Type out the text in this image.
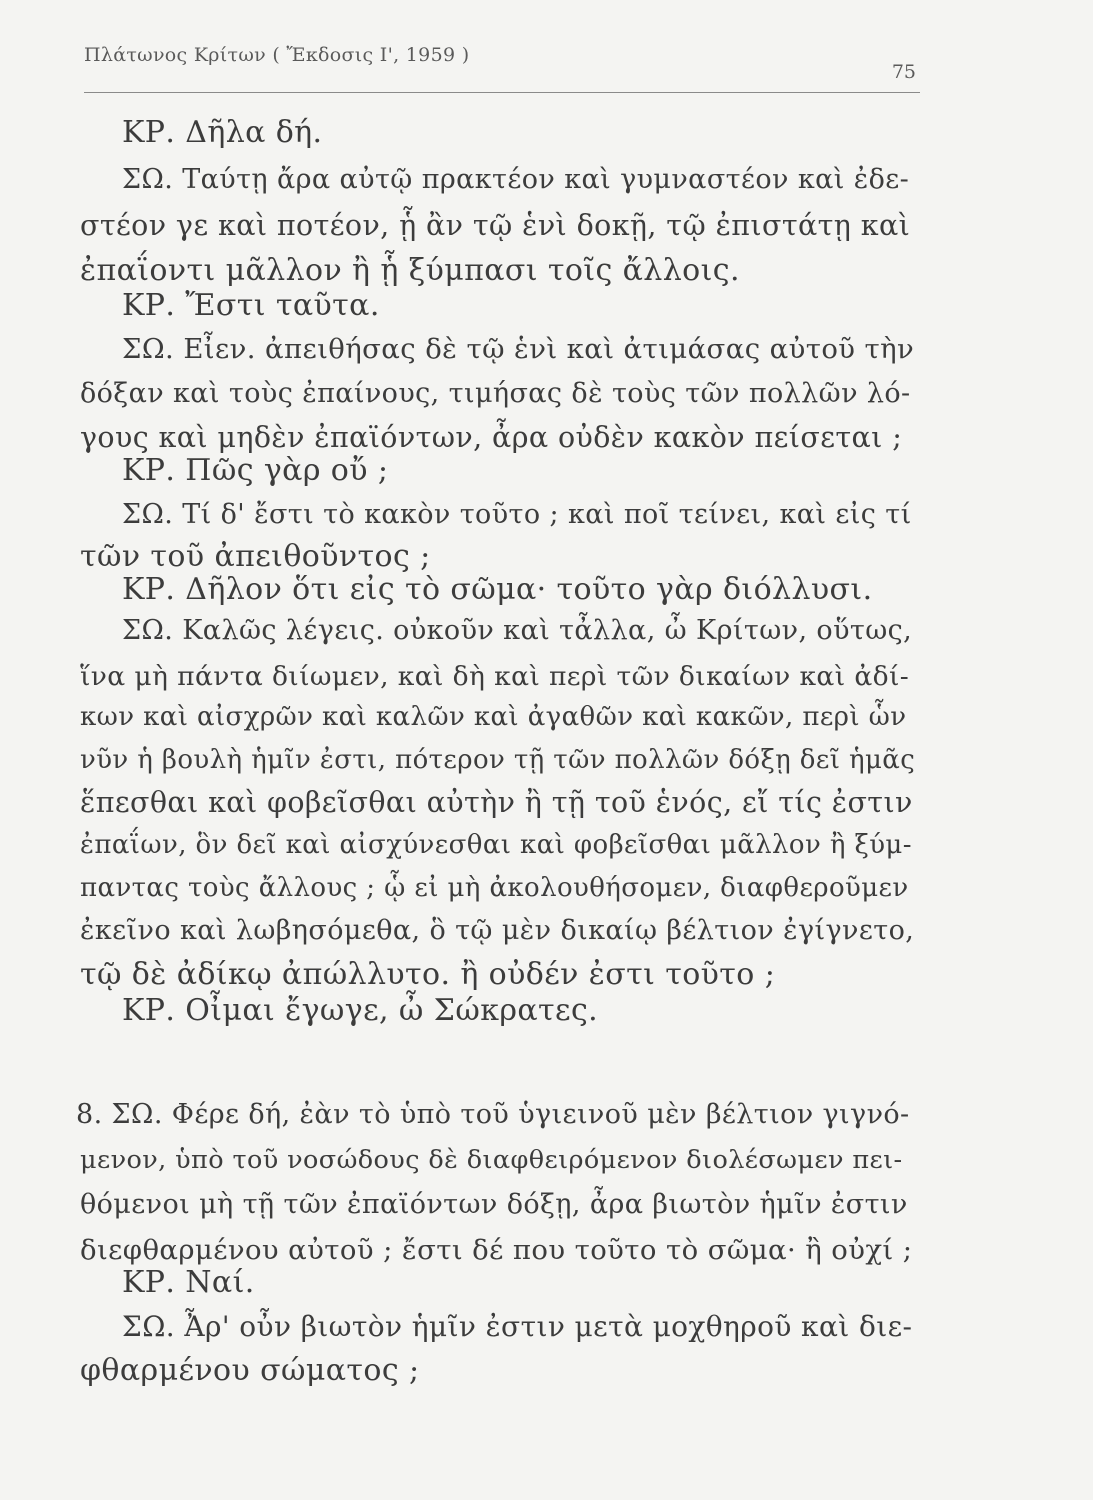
Πλάτωνος Κρίτων ( Ἔκδοσις Ι', 1959 )
75
ΚΡ. Δῆλα δή.
ΣΩ. Ταύτῃ ἄρα αὐτῷ πρακτέον καὶ γυμναστέον καὶ ἐδε-
στέον γε καὶ ποτέον, ᾗ ἂν τῷ ἑνὶ δοκῇ, τῷ ἐπιστάτῃ καὶ
ἐπαΐοντι μᾶλλον ἢ ᾗ ξύμπασι τοῖς ἄλλοις.
ΚΡ. Ἔστι ταῦτα.
ΣΩ. Εἶεν. ἀπειθήσας δὲ τῷ ἑνὶ καὶ ἀτιμάσας αὐτοῦ τὴν
δόξαν καὶ τοὺς ἐπαίνους, τιμήσας δὲ τοὺς τῶν πολλῶν λό-
γους καὶ μηδὲν ἐπαϊόντων, ἆρα οὐδὲν κακὸν πείσεται ;
ΚΡ. Πῶς γὰρ οὔ ;
ΣΩ. Τί δ' ἔστι τὸ κακὸν τοῦτο ; καὶ ποῖ τείνει, καὶ εἰς τί
τῶν τοῦ ἀπειθοῦντος ;
ΚΡ. Δῆλον ὅτι εἰς τὸ σῶμα· τοῦτο γὰρ διόλλυσι.
ΣΩ. Καλῶς λέγεις. οὐκοῦν καὶ τἆλλα, ὦ Κρίτων, οὕτως,
ἵνα μὴ πάντα διίωμεν, καὶ δὴ καὶ περὶ τῶν δικαίων καὶ ἀδί-
κων καὶ αἰσχρῶν καὶ καλῶν καὶ ἀγαθῶν καὶ κακῶν, περὶ ὧν
νῦν ἡ βουλὴ ἡμῖν ἐστι, πότερον τῇ τῶν πολλῶν δόξῃ δεῖ ἡμᾶς
ἕπεσθαι καὶ φοβεῖσθαι αὐτὴν ἢ τῇ τοῦ ἑνός, εἴ τίς ἐστιν
ἐπαΐων, ὃν δεῖ καὶ αἰσχύνεσθαι καὶ φοβεῖσθαι μᾶλλον ἢ ξύμ-
παντας τοὺς ἄλλους ; ᾧ εἰ μὴ ἀκολουθήσομεν, διαφθεροῦμεν
ἐκεῖνο καὶ λωβησόμεθα, ὃ τῷ μὲν δικαίῳ βέλτιον ἐγίγνετο,
τῷ δὲ ἀδίκῳ ἀπώλλυτο. ἢ οὐδέν ἐστι τοῦτο ;
ΚΡ. Οἶμαι ἔγωγε, ὦ Σώκρατες.
8. ΣΩ. Φέρε δή, ἐὰν τὸ ὑπὸ τοῦ ὑγιεινοῦ μὲν βέλτιον γιγνό-
μενον, ὑπὸ τοῦ νοσώδους δὲ διαφθειρόμενον διολέσωμεν πει-
θόμενοι μὴ τῇ τῶν ἐπαϊόντων δόξῃ, ἆρα βιωτὸν ἡμῖν ἐστιν
διεφθαρμένου αὐτοῦ ; ἔστι δέ που τοῦτο τὸ σῶμα· ἢ οὐχί ;
ΚΡ. Ναί.
ΣΩ. Ἆρ' οὖν βιωτὸν ἡμῖν ἐστιν μετὰ μοχθηροῦ καὶ διε-
φθαρμένου σώματος ;
